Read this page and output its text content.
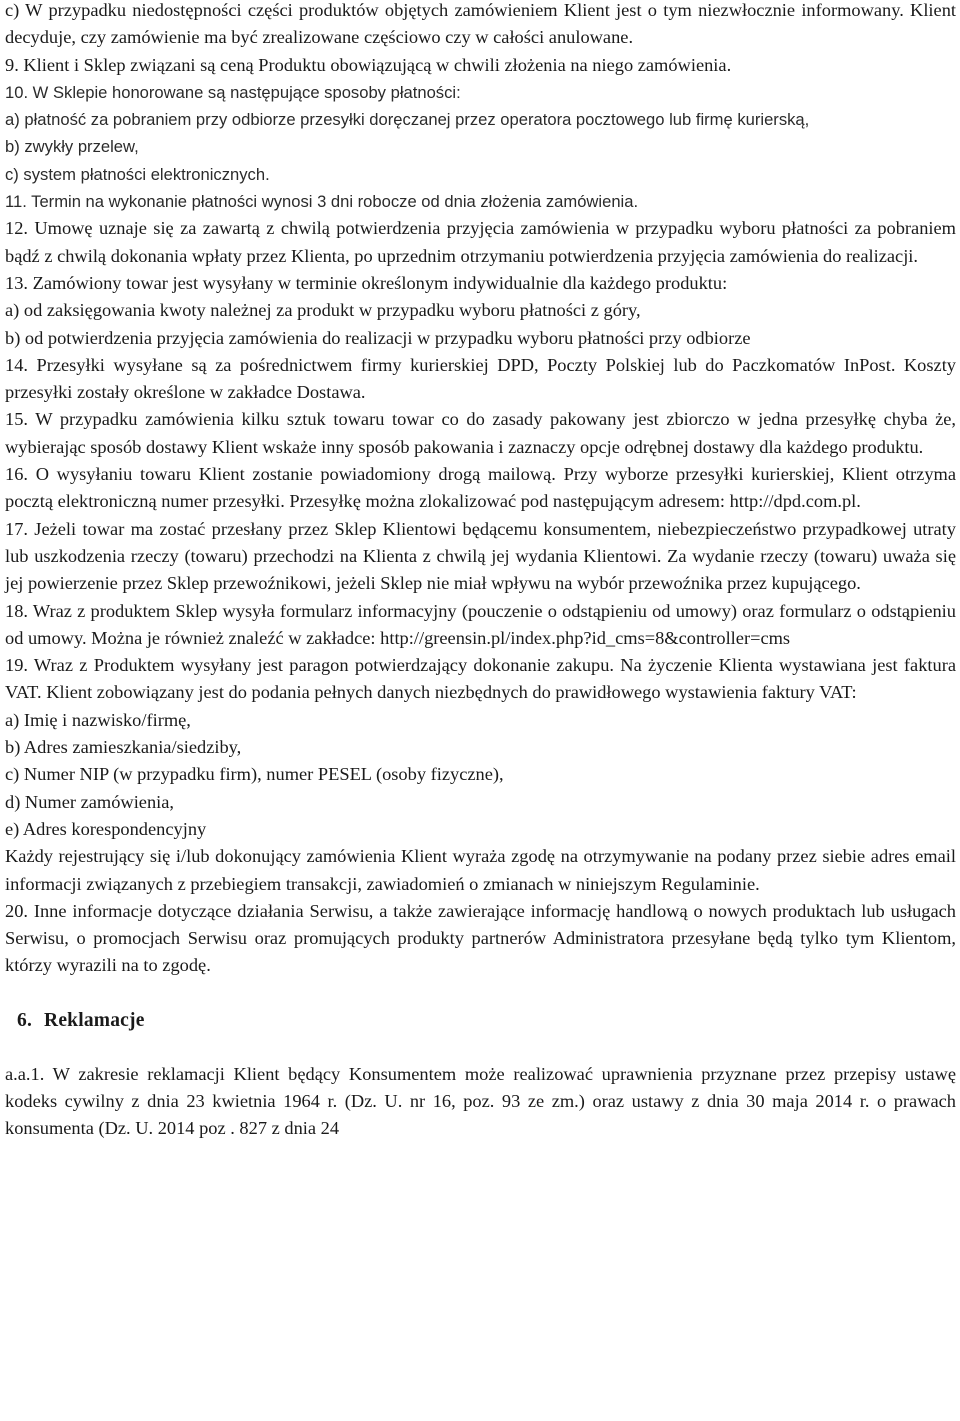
c) W przypadku niedostępności części produktów objętych zamówieniem Klient jest o tym niezwłocznie informowany. Klient decyduje, czy zamówienie ma być zrealizowane częściowo czy w całości anulowane.

9. Klient i Sklep związani są ceną Produktu obowiązującą w chwili złożenia na niego zamówienia.

10. W Sklepie honorowane są następujące sposoby płatności:

a) płatność za pobraniem przy odbiorze przesyłki doręczanej przez operatora pocztowego lub firmę kurierską,

b) zwykły przelew,

c) system płatności elektronicznych.

11. Termin na wykonanie płatności wynosi 3 dni robocze od dnia złożenia zamówienia.

12. Umowę uznaje się za zawartą z chwilą potwierdzenia przyjęcia zamówienia w przypadku wyboru płatności za pobraniem bądź z chwilą dokonania wpłaty przez Klienta, po uprzednim otrzymaniu potwierdzenia przyjęcia zamówienia do realizacji.

13. Zamówiony towar jest wysyłany w terminie określonym indywidualnie dla każdego produktu:

a) od zaksięgowania kwoty należnej za produkt w przypadku wyboru płatności z góry,

b) od potwierdzenia przyjęcia zamówienia do realizacji w przypadku wyboru płatności przy odbiorze

14. Przesyłki wysyłane są za pośrednictwem firmy kurierskiej DPD, Poczty Polskiej lub do Paczkomatów InPost. Koszty przesyłki zostały określone w zakładce Dostawa.

15. W przypadku zamówienia kilku sztuk towaru towar co do zasady pakowany jest zbiorczo w jedna przesyłkę chyba że, wybierając sposób dostawy Klient wskaże inny sposób pakowania i zaznaczy opcje odrębnej dostawy dla każdego produktu.

16. O wysyłaniu towaru Klient zostanie powiadomiony drogą mailową. Przy wyborze przesyłki kurierskiej, Klient otrzyma pocztą elektroniczną numer przesyłki. Przesyłkę można zlokalizować pod następującym adresem: http://dpd.com.pl.

17. Jeżeli towar ma zostać przesłany przez Sklep Klientowi będącemu konsumentem, niebezpieczeństwo przypadkowej utraty lub uszkodzenia rzeczy (towaru) przechodzi na Klienta z chwilą jej wydania Klientowi. Za wydanie rzeczy (towaru) uważa się jej powierzenie przez Sklep przewoźnikowi, jeżeli Sklep nie miał wpływu na wybór przewoźnika przez kupującego.

18. Wraz z produktem Sklep wysyła formularz informacyjny (pouczenie o odstąpieniu od umowy) oraz formularz o odstąpieniu od umowy. Można je również znaleźć w zakładce: http://greensin.pl/index.php?id_cms=8&controller=cms

19. Wraz z Produktem wysyłany jest paragon potwierdzający dokonanie zakupu. Na życzenie Klienta wystawiana jest faktura VAT. Klient zobowiązany jest do podania pełnych danych niezbędnych do prawidłowego wystawienia faktury VAT:

a) Imię i nazwisko/firmę,

b) Adres zamieszkania/siedziby,

c) Numer NIP (w przypadku firm), numer PESEL (osoby fizyczne),

d) Numer zamówienia,

e) Adres korespondencyjny

Każdy rejestrujący się i/lub dokonujący zamówienia Klient wyraża zgodę na otrzymywanie na podany przez siebie adres email informacji związanych z przebiegiem transakcji, zawiadomień o zmianach w niniejszym Regulaminie.

20. Inne informacje dotyczące działania Serwisu, a także zawierające informację handlową o nowych produktach lub usługach Serwisu, o promocjach Serwisu oraz promujących produkty partnerów Administratora przesyłane będą tylko tym Klientom, którzy wyrazili na to zgodę.

6. Reklamacje

a.a.1. W zakresie reklamacji Klient będący Konsumentem może realizować uprawnienia przyznane przez przepisy ustawę kodeks cywilny z dnia 23 kwietnia 1964 r. (Dz. U. nr 16, poz. 93 ze zm.) oraz ustawy z dnia 30 maja 2014 r. o prawach konsumenta (Dz. U. 2014 poz . 827 z dnia 24
